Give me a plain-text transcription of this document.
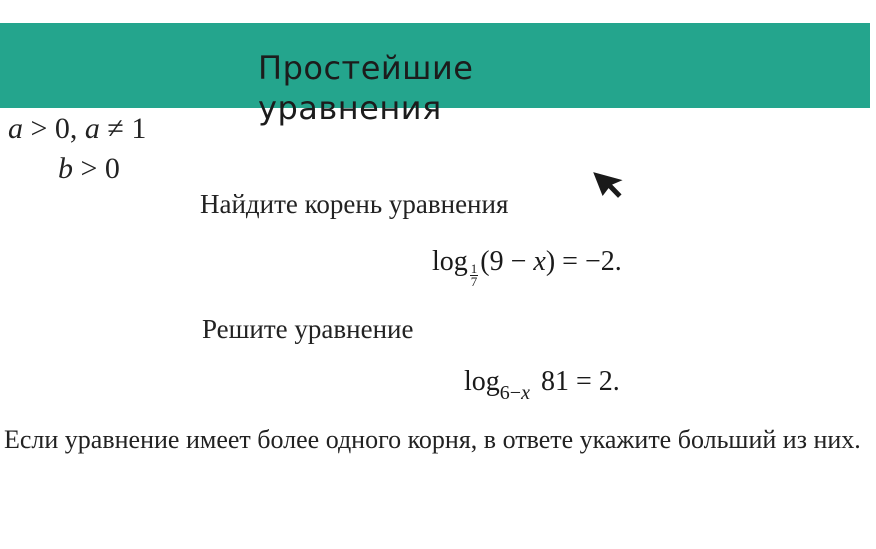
Простейшие уравнения
a > 0, a ≠ 1
b > 0
Найдите корень уравнения
$\log \frac{1}{7} (9 - x) = -2$.
Решите уравнение
$\log_{6-x} 81 = 2$.
Если уравнение имеет более одного корня, в ответе укажите больший из них.
